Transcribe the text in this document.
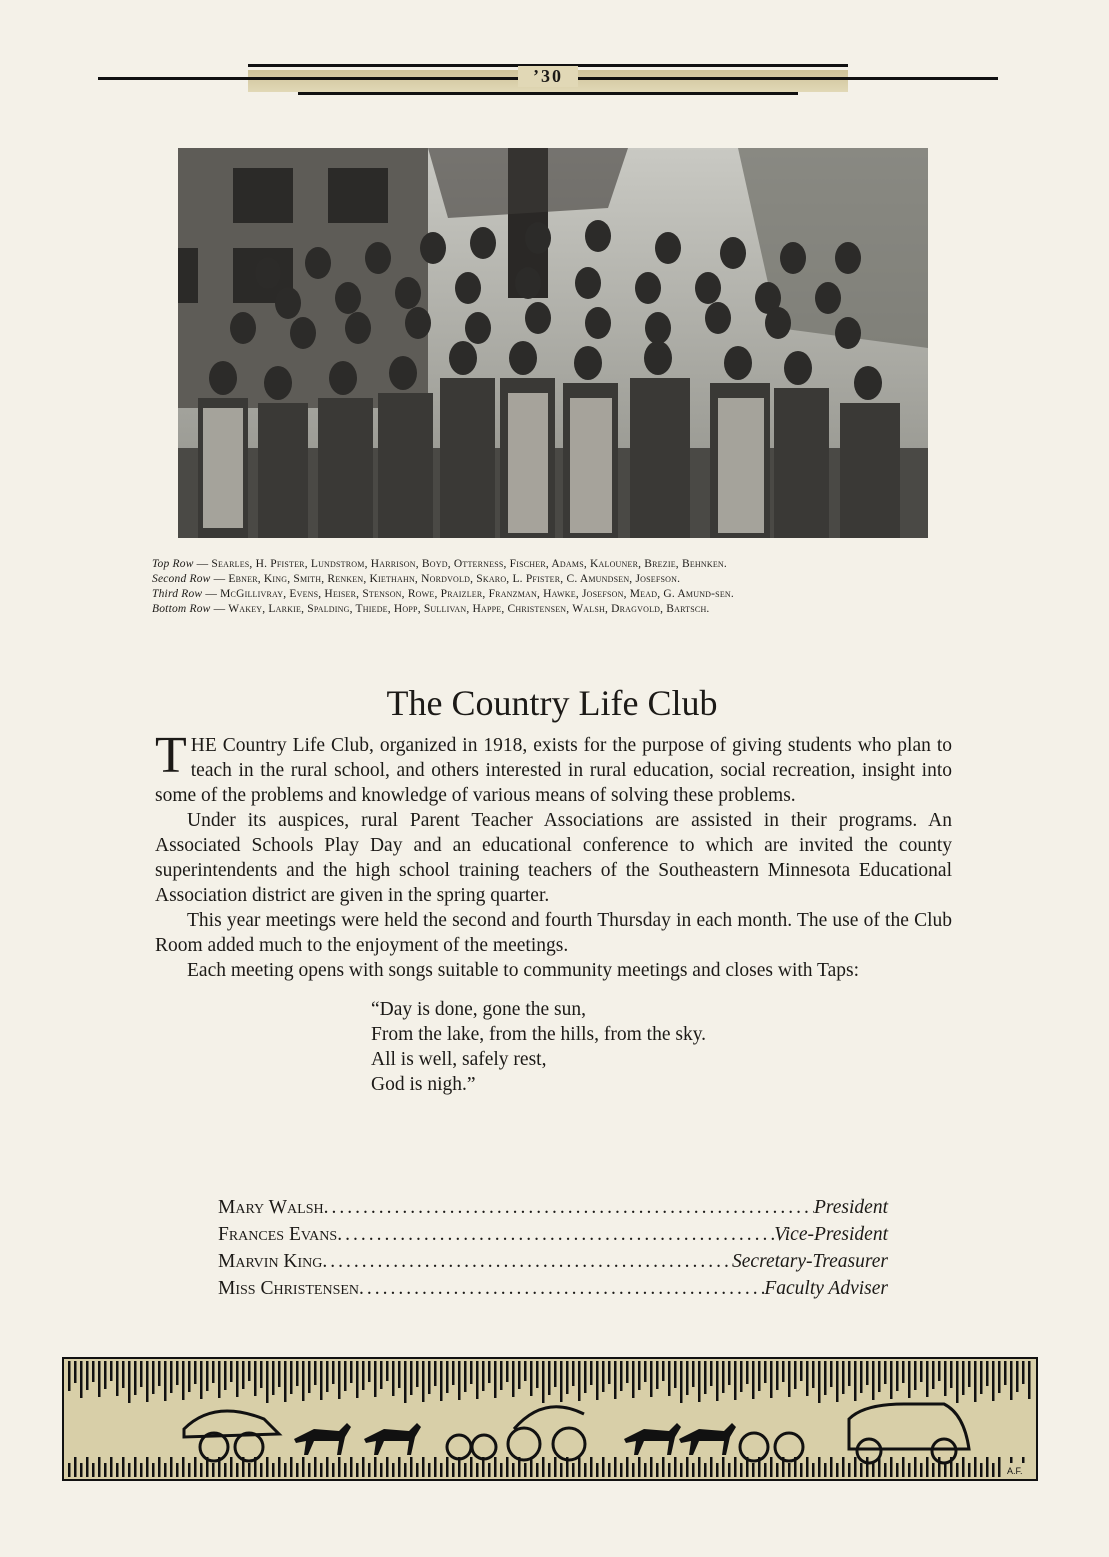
’30

Top Row — Searles, H. Pfister, Lundstrom, Harrison, Boyd, Otterness, Fischer, Adams, Kalouner, Brezie, Behnken.

Second Row — Ebner, King, Smith, Renken, Kiethahn, Nordvold, Skaro, L. Pfister, C. Amundsen, Josefson.

Third Row — McGillivray, Evens, Heiser, Stenson, Rowe, Praizler, Franzman, Hawke, Josefson, Mead, G. Amund-sen.

Bottom Row — Wakey, Larkie, Spalding, Thiede, Hopp, Sullivan, Happe, Christensen, Walsh, Dragvold, Bartsch.

The Country Life Club

THE Country Life Club, organized in 1918, exists for the purpose of giving students who plan to teach in the rural school, and others interested in rural education, social recreation, insight into some of the problems and knowledge of various means of solving these problems.

Under its auspices, rural Parent Teacher Associations are assisted in their programs. An Associated Schools Play Day and an educational conference to which are invited the county superintendents and the high school training teachers of the Southeastern Minnesota Educational Association district are given in the spring quarter.

This year meetings were held the second and fourth Thursday in each month. The use of the Club Room added much to the enjoyment of the meetings.

Each meeting opens with songs suitable to community meetings and closes with Taps:

“Day is done, gone the sun,
From the lake, from the hills, from the sky.
All is well, safely rest,
God is nigh.”
Mary Walsh .....	President
Frances Evans .....	Vice-President
Marvin King .....	Secretary-Treasurer
Miss Christensen .....	Faculty Adviser
A.F.
